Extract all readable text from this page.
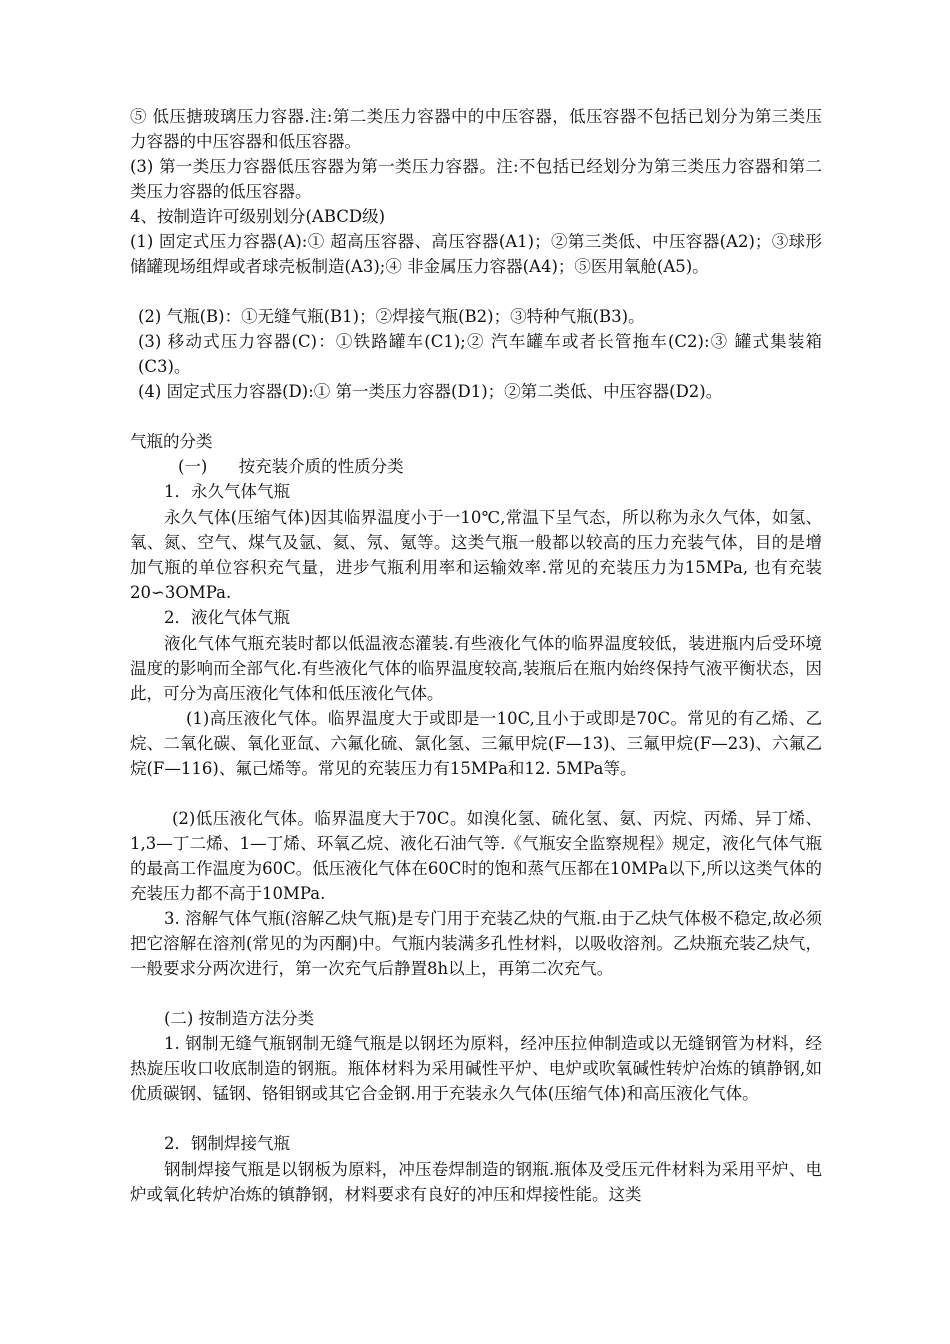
⑤ 低压搪玻璃压力容器.注:第二类压力容器中的中压容器，低压容器不包括已划分为第三类压力容器的中压容器和低压容器。

(3) 第一类压力容器低压容器为第一类压力容器。注:不包括已经划分为第三类压力容器和第二类压力容器的低压容器。

4、按制造许可级别划分(ABCD级)

(1) 固定式压力容器(A):① 超高压容器、高压容器(A1)；②第三类低、中压容器(A2)；③球形储罐现场组焊或者球壳板制造(A3);④ 非金属压力容器(A4)；⑤医用氧舱(A5)。

(2) 气瓶(B)：①无缝气瓶(B1)；②焊接气瓶(B2)；③特种气瓶(B3)。

(3) 移动式压力容器(C)：①铁路罐车(C1);② 汽车罐车或者长管拖车(C2):③ 罐式集装箱(C3)。

(4) 固定式压力容器(D):① 第一类压力容器(D1)；②第二类低、中压容器(D2)。

气瓶的分类

(一) 按充装介质的性质分类

1．永久气体气瓶

永久气体(压缩气体)因其临界温度小于一10℃,常温下呈气态，所以称为永久气体，如氢、氧、氮、空气、煤气及氩、氦、氖、氪等。这类气瓶一般都以较高的压力充装气体，目的是增加气瓶的单位容积充气量，进步气瓶利用率和运输效率.常见的充装压力为15MPa, 也有充装20∽3OMPa.

2．液化气体气瓶

液化气体气瓶充装时都以低温液态灌装.有些液化气体的临界温度较低，装进瓶内后受环境温度的影响而全部气化.有些液化气体的临界温度较高,装瓶后在瓶内始终保持气液平衡状态，因此，可分为高压液化气体和低压液化气体。

(1)高压液化气体。临界温度大于或即是一10C,且小于或即是70C。常见的有乙烯、乙烷、二氧化碳、氧化亚氙、六氟化硫、氯化氢、三氟甲烷(F—13)、三氟甲烷(F—23)、六氟乙烷(F—116)、氟己烯等。常见的充装压力有15MPa和12. 5MPa等。

(2)低压液化气体。临界温度大于70C。如溴化氢、硫化氢、氨、丙烷、丙烯、异丁烯、1,3—丁二烯、1—丁烯、环氧乙烷、液化石油气等.《气瓶安全监察规程》规定，液化气体气瓶的最高工作温度为60C。低压液化气体在60C时的饱和蒸气压都在10MPa以下,所以这类气体的充装压力都不高于10MPa.

3. 溶解气体气瓶(溶解乙炔气瓶)是专门用于充装乙炔的气瓶.由于乙炔气体极不稳定,故必须把它溶解在溶剂(常见的为丙酮)中。气瓶内装满多孔性材料，以吸收溶剂。乙炔瓶充装乙炔气，一般要求分两次进行，第一次充气后静置8h以上，再第二次充气。

(二) 按制造方法分类

1. 钢制无缝气瓶钢制无缝气瓶是以钢坯为原料，经冲压拉伸制造或以无缝钢管为材料，经热旋压收口收底制造的钢瓶。瓶体材料为采用碱性平炉、电炉或吹氧碱性转炉冶炼的镇静钢,如优质碳钢、锰钢、铬钼钢或其它合金钢.用于充装永久气体(压缩气体)和高压液化气体。

2．钢制焊接气瓶

钢制焊接气瓶是以钢板为原料，冲压卷焊制造的钢瓶.瓶体及受压元件材料为采用平炉、电炉或氧化转炉冶炼的镇静钢，材料要求有良好的冲压和焊接性能。这类
